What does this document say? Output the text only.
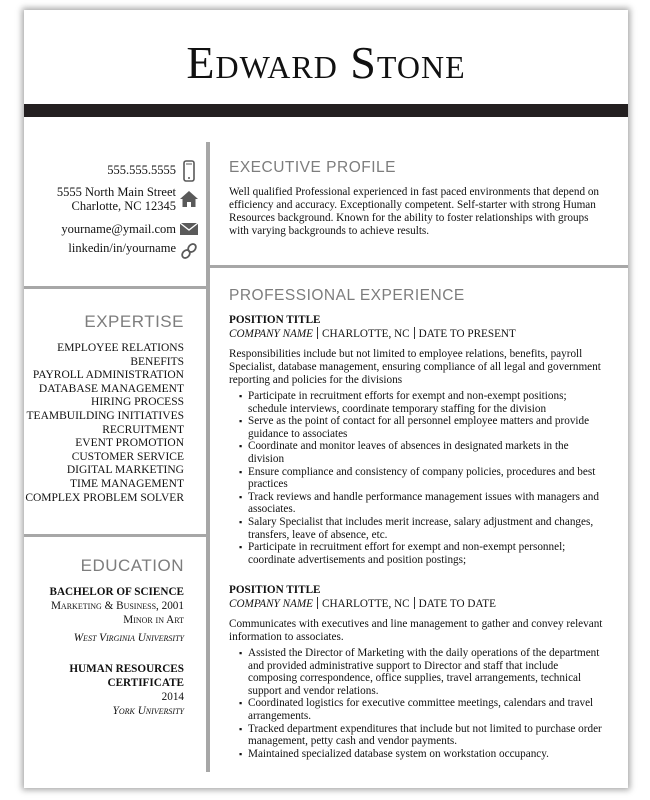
Edward Stone
555.555.5555
5555 North Main Street
Charlotte, NC 12345
yourname@ymail.com
linkedin/in/yourname
EXPERTISE
EMPLOYEE RELATIONS
BENEFITS
PAYROLL ADMINISTRATION
DATABASE MANAGEMENT
HIRING PROCESS
TEAMBUILDING INITIATIVES
RECRUITMENT
EVENT PROMOTION
CUSTOMER SERVICE
DIGITAL MARKETING
TIME MANAGEMENT
COMPLEX PROBLEM SOLVER
EDUCATION
BACHELOR OF SCIENCE
Marketing & Business, 2001
Minor in Art
West Virginia University
HUMAN RESOURCES
CERTIFICATE
2014
York University
EXECUTIVE PROFILE
Well qualified Professional experienced in fast paced environments that depend on efficiency and accuracy. Exceptionally competent. Self-starter with strong Human Resources background. Known for the ability to foster relationships with groups with varying backgrounds to achieve results.
PROFESSIONAL EXPERIENCE
POSITION TITLE
COMPANY NAME CHARLOTTE, NC DATE TO PRESENT
Responsibilities include but not limited to employee relations, benefits, payroll Specialist, database management, ensuring compliance of all legal and government reporting and policies for the divisions
▪ Participate in recruitment efforts for exempt and non-exempt positions; schedule interviews, coordinate temporary staffing for the division
▪ Serve as the point of contact for all personnel employee matters and provide guidance to associates
▪ Coordinate and monitor leaves of absences in designated markets in the division
▪ Ensure compliance and consistency of company policies, procedures and best practices
▪ Track reviews and handle performance management issues with managers and associates.
▪ Salary Specialist that includes merit increase, salary adjustment and changes, transfers, leave of absence, etc.
▪ Participate in recruitment effort for exempt and non-exempt personnel; coordinate advertisements and position postings;
POSITION TITLE
COMPANY NAME CHARLOTTE, NC DATE TO DATE
Communicates with executives and line management to gather and convey relevant information to associates.
▪ Assisted the Director of Marketing with the daily operations of the department and provided administrative support to Director and staff that include composing correspondence, office supplies, travel arrangements, technical support and vendor relations.
▪ Coordinated logistics for executive committee meetings, calendars and travel arrangements.
▪ Tracked department expenditures that include but not limited to purchase order management, petty cash and vendor payments.
▪ Maintained specialized database system on workstation occupancy.
